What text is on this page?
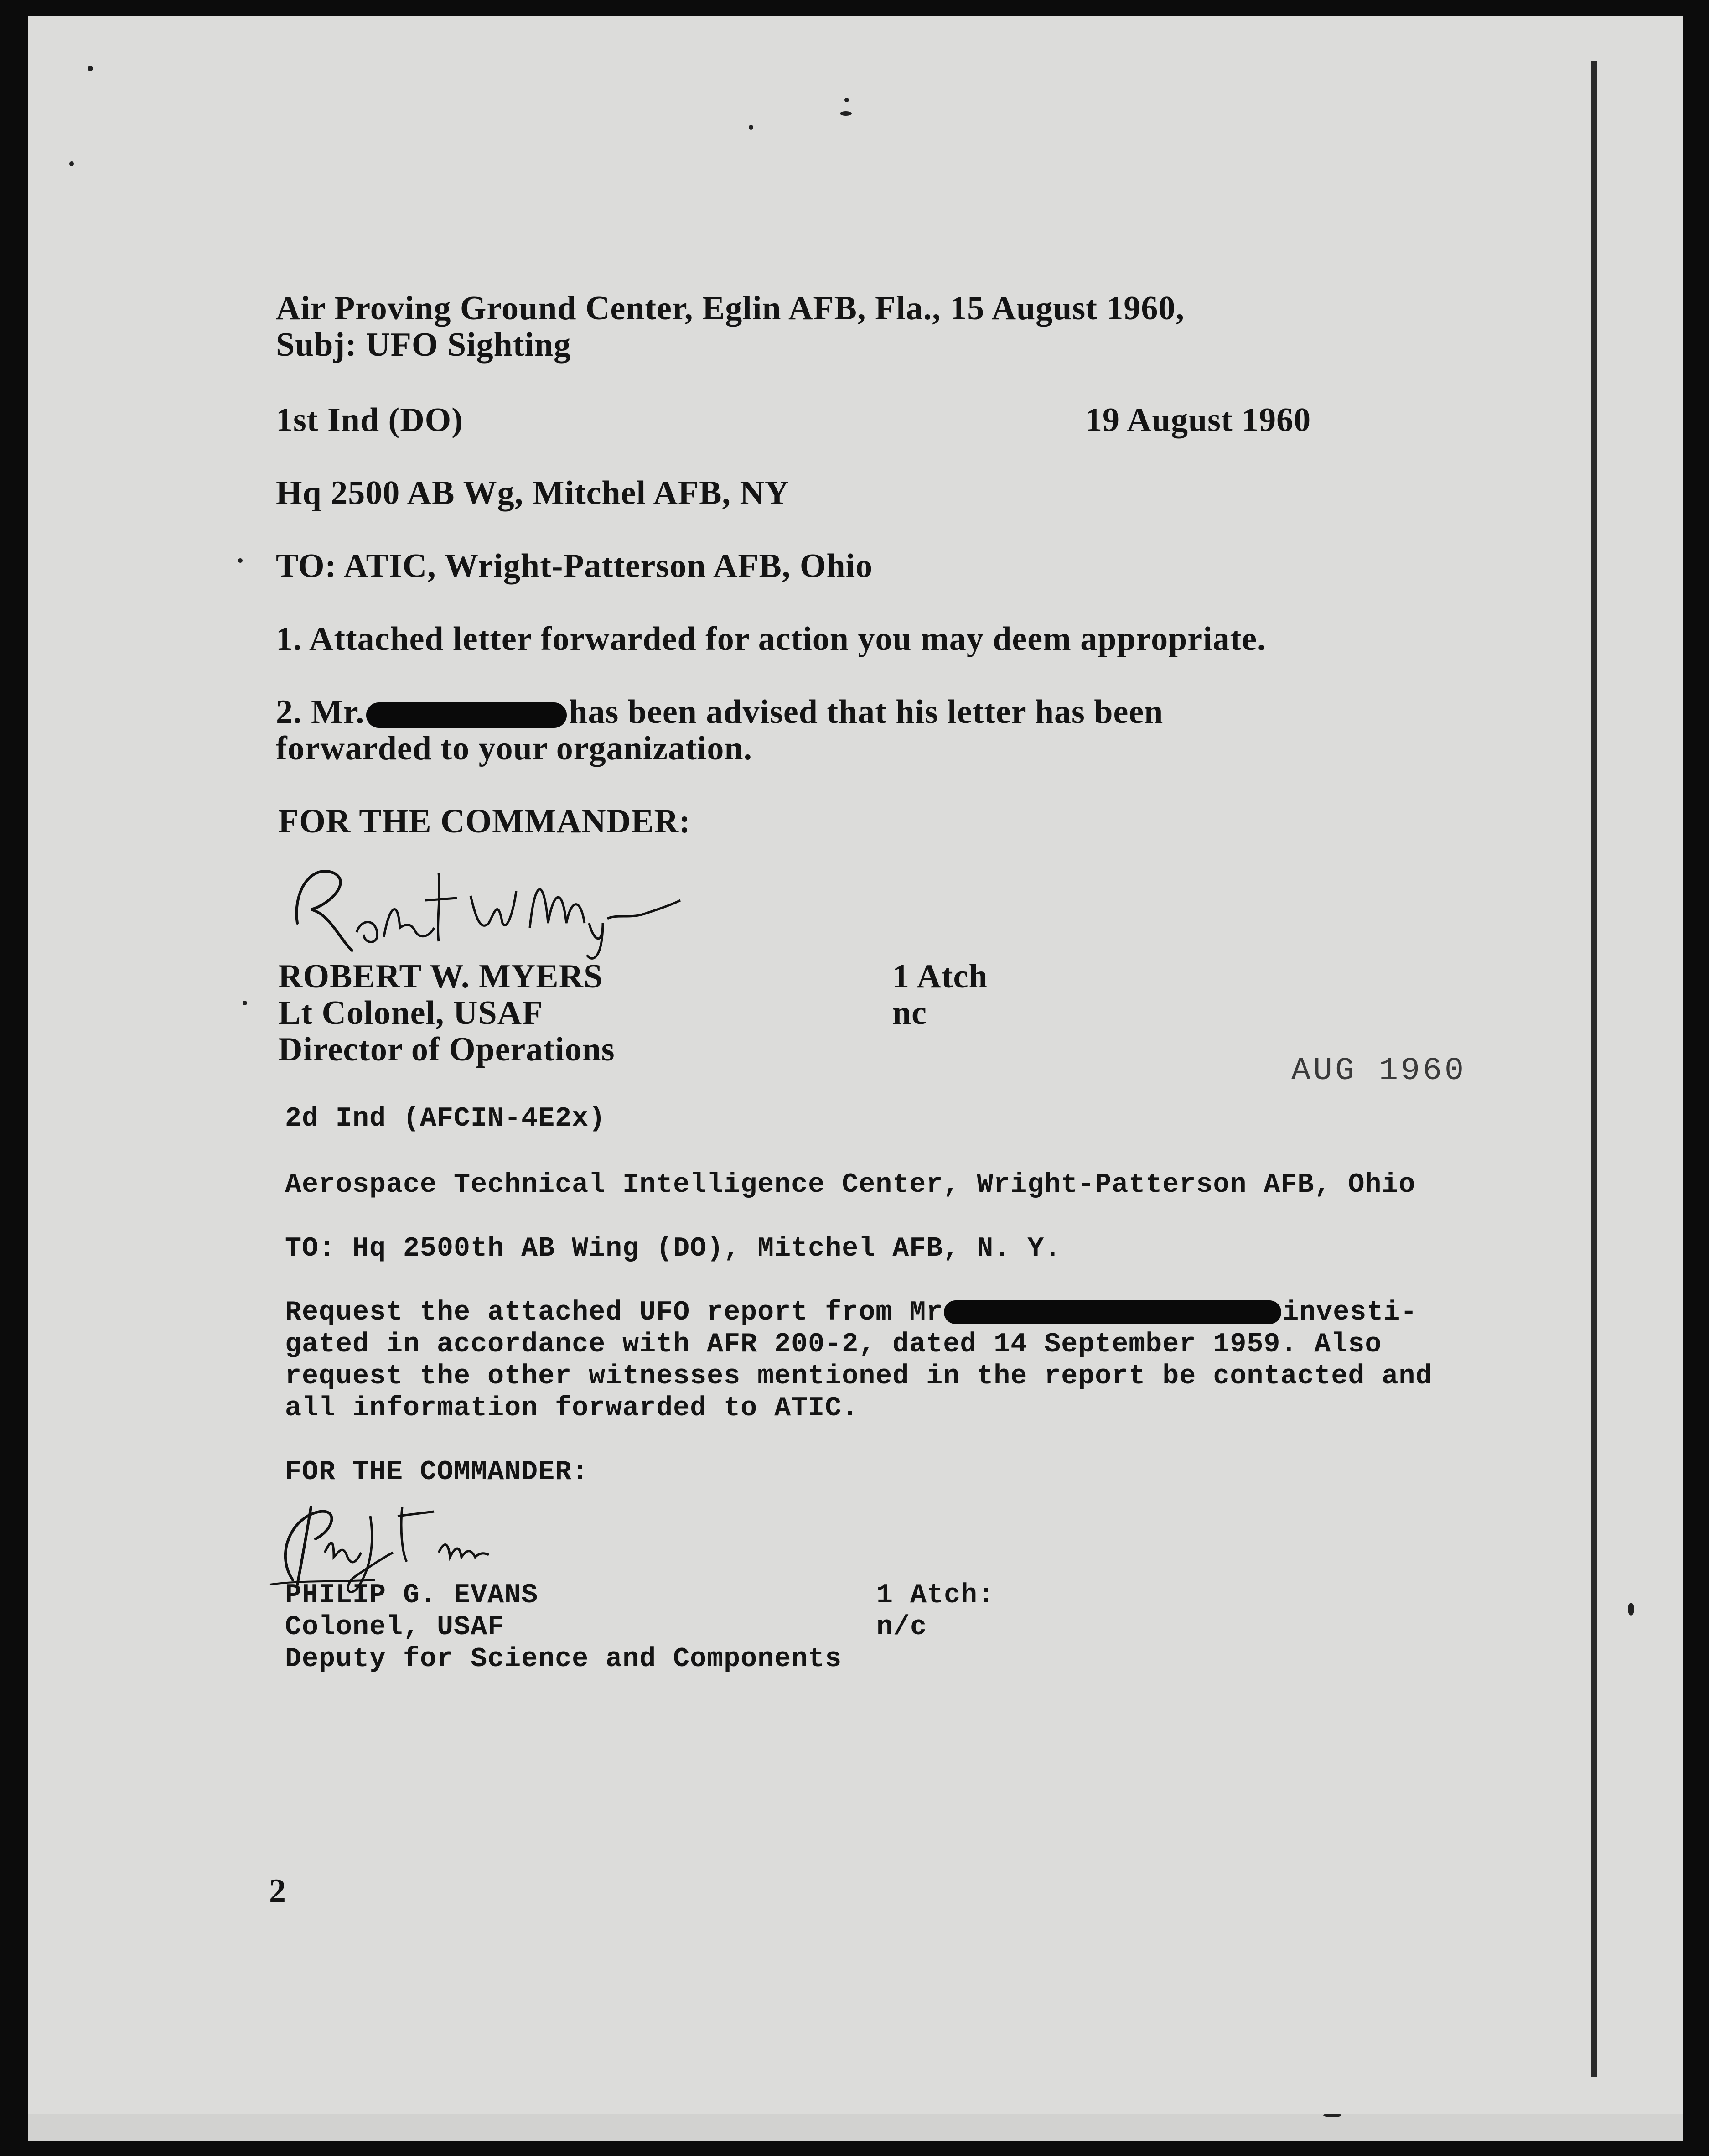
Air Proving Ground Center, Eglin AFB, Fla., 15 August 1960,
Subj: UFO Sighting
1st Ind (DO)	19 August 1960
Hq 2500 AB Wg, Mitchel AFB, NY
TO: ATIC, Wright-Patterson AFB, Ohio
1. Attached letter forwarded for action you may deem appropriate.
2. Mr.	has been advised that his letter has been
forwarded to your organization.
FOR THE COMMANDER:
ROBERT W. MYERS
Lt Colonel, USAF
Director of Operations
1 Atch
nc
AUG 1960
2d Ind (AFCIN-4E2x)
Aerospace Technical Intelligence Center, Wright-Patterson AFB, Ohio
TO: Hq 2500th AB Wing (DO), Mitchel AFB, N. Y.
Request the attached UFO report from Mr	investi-
gated in accordance with AFR 200-2, dated 14 September 1959. Also
request the other witnesses mentioned in the report be contacted and
all information forwarded to ATIC.
FOR THE COMMANDER:
PHILIP G. EVANS
Colonel, USAF
Deputy for Science and Components
1 Atch:
n/c
2
